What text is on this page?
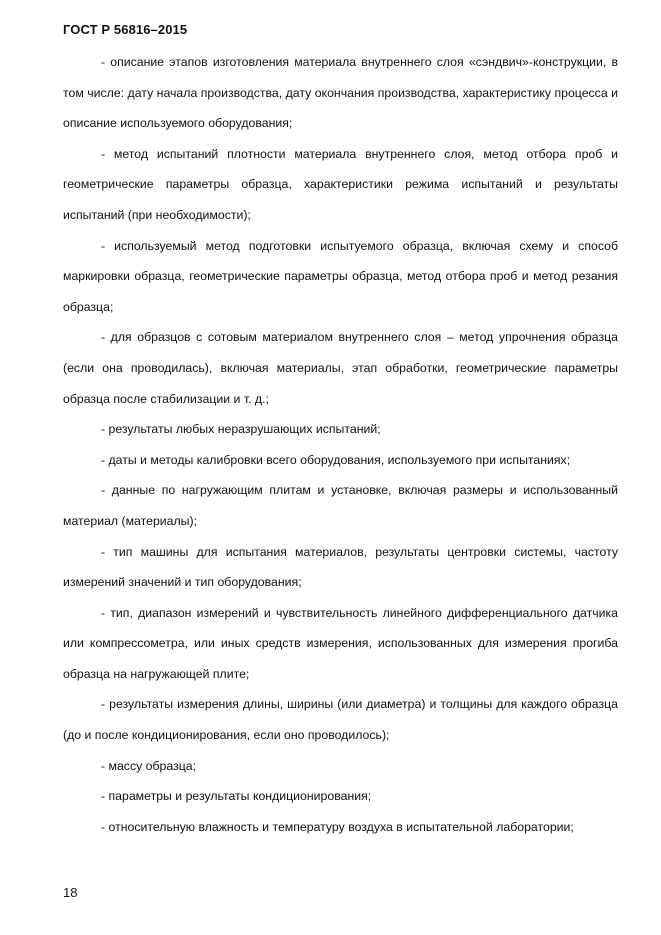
ГОСТ Р 56816–2015

- описание этапов изготовления материала внутреннего слоя «сэндвич»-конструкции, в том числе: дату начала производства, дату окончания производства, характеристику процесса и описание используемого оборудования;

- метод испытаний плотности материала внутреннего слоя, метод отбора проб и геометрические параметры образца, характеристики режима испытаний и результаты испытаний (при необходимости);

- используемый метод подготовки испытуемого образца, включая схему и способ маркировки образца, геометрические параметры образца, метод отбора проб и метод резания образца;

- для образцов с сотовым материалом внутреннего слоя – метод упрочнения образца (если она проводилась), включая материалы, этап обработки, геометрические параметры образца после стабилизации и т. д.;

- результаты любых неразрушающих испытаний;

- даты и методы калибровки всего оборудования, используемого при испытаниях;

- данные по нагружающим плитам и установке, включая размеры и использованный материал (материалы);

- тип машины для испытания материалов, результаты центровки системы, частоту измерений значений и тип оборудования;

- тип, диапазон измерений и чувствительность линейного дифференциального датчика или компрессометра, или иных средств измерения, использованных для измерения прогиба образца на нагружающей плите;

- результаты измерения длины, ширины (или диаметра) и толщины для каждого образца (до и после кондиционирования, если оно проводилось);

- массу образца;

- параметры и результаты кондиционирования;

- относительную влажность и температуру воздуха в испытательной лаборатории;

18
